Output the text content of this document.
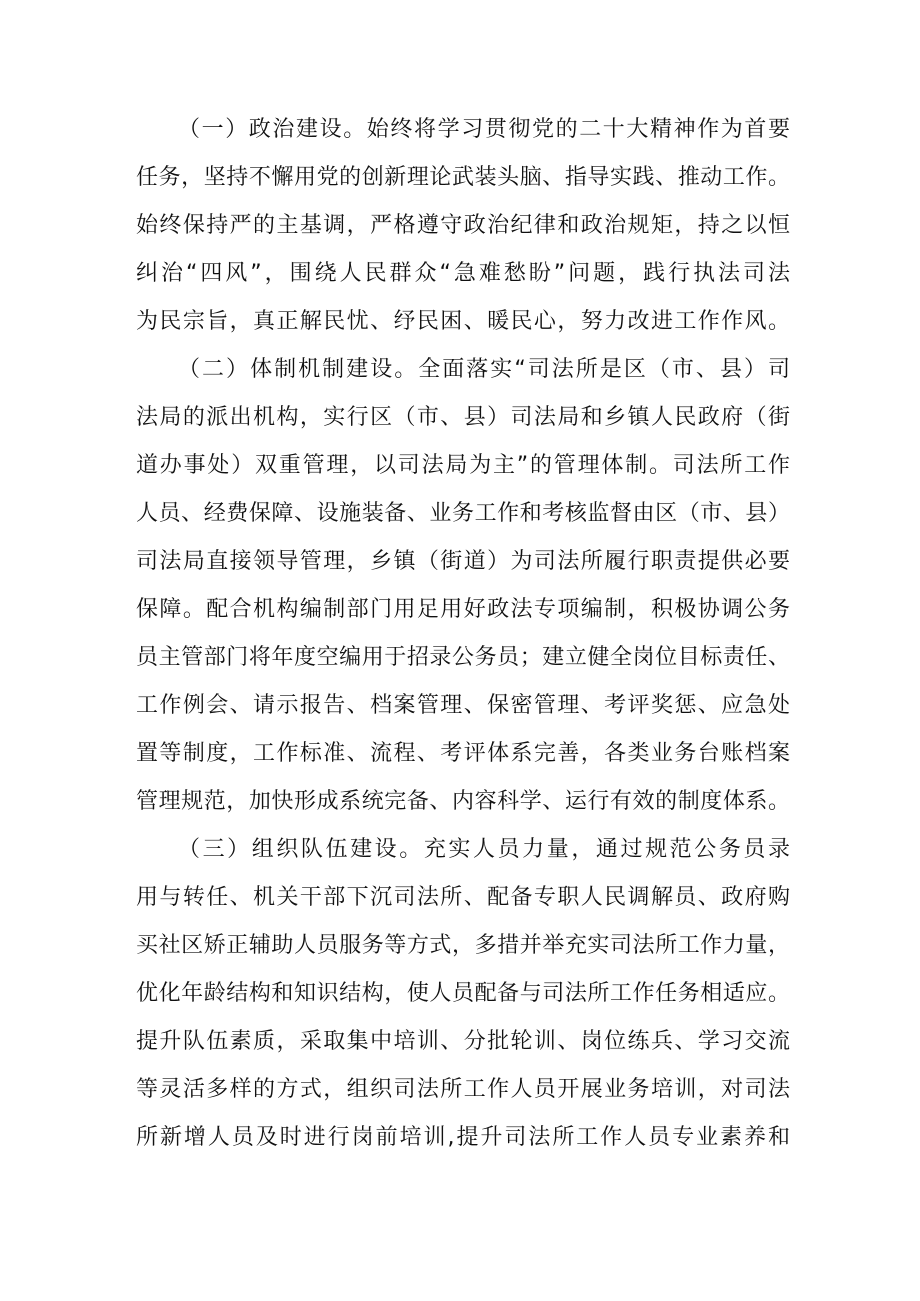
（一）政治建设。始终将学习贯彻党的二十大精神作为首要
任务，坚持不懈用党的创新理论武装头脑、指导实践、推动工作。
始终保持严的主基调，严格遵守政治纪律和政治规矩，持之以恒
纠治“四风”，围绕人民群众“急难愁盼”问题，践行执法司法
为民宗旨，真正解民忧、纾民困、暖民心，努力改进工作作风。
（二）体制机制建设。全面落实“司法所是区（市、县）司
法局的派出机构，实行区（市、县）司法局和乡镇人民政府（街
道办事处）双重管理，以司法局为主”的管理体制。司法所工作
人员、经费保障、设施装备、业务工作和考核监督由区（市、县）
司法局直接领导管理，乡镇（街道）为司法所履行职责提供必要
保障。配合机构编制部门用足用好政法专项编制，积极协调公务
员主管部门将年度空编用于招录公务员；建立健全岗位目标责任、
工作例会、请示报告、档案管理、保密管理、考评奖惩、应急处
置等制度，工作标准、流程、考评体系完善，各类业务台账档案
管理规范，加快形成系统完备、内容科学、运行有效的制度体系。
（三）组织队伍建设。充实人员力量，通过规范公务员录
用与转任、机关干部下沉司法所、配备专职人民调解员、政府购
买社区矫正辅助人员服务等方式，多措并举充实司法所工作力量，
优化年龄结构和知识结构，使人员配备与司法所工作任务相适应。
提升队伍素质，采取集中培训、分批轮训、岗位练兵、学习交流
等灵活多样的方式，组织司法所工作人员开展业务培训，对司法
所新增人员及时进行岗前培训,提升司法所工作人员专业素养和
